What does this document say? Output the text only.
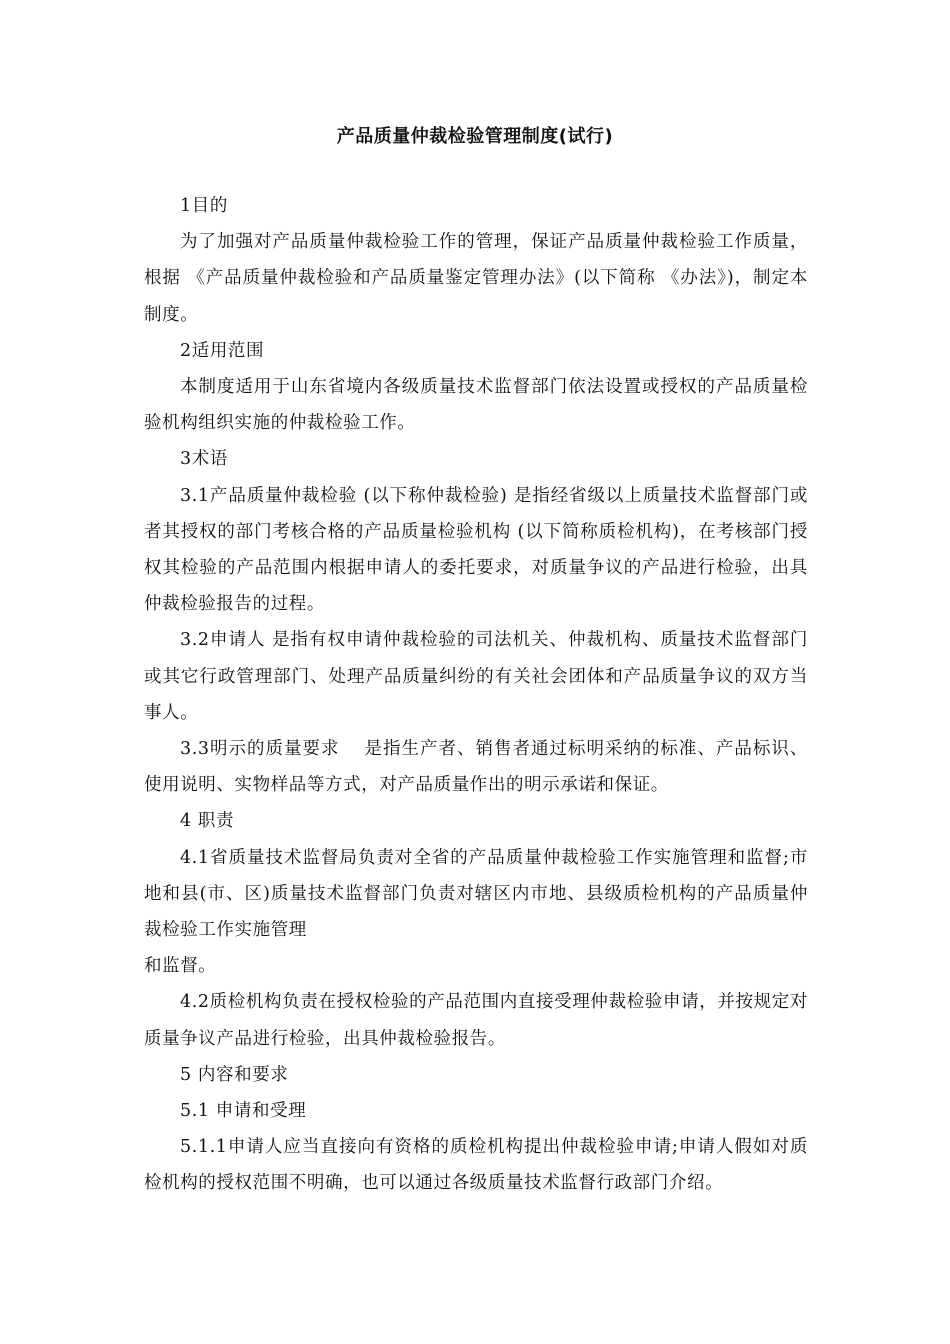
产品质量仲裁检验管理制度(试行)

1目的

为了加强对产品质量仲裁检验工作的管理，保证产品质量仲裁检验工作质量，根据 《产品质量仲裁检验和产品质量鉴定管理办法》(以下简称 《办法》)，制定本制度。

2适用范围

本制度适用于山东省境内各级质量技术监督部门依法设置或授权的产品质量检验机构组织实施的仲裁检验工作。

3术语

3.1产品质量仲裁检验 (以下称仲裁检验) 是指经省级以上质量技术监督部门或者其授权的部门考核合格的产品质量检验机构 (以下简称质检机构)，在考核部门授权其检验的产品范围内根据申请人的委托要求，对质量争议的产品进行检验，出具仲裁检验报告的过程。

3.2申请人 是指有权申请仲裁检验的司法机关、仲裁机构、质量技术监督部门或其它行政管理部门、处理产品质量纠纷的有关社会团体和产品质量争议的双方当事人。

3.3明示的质量要求　 是指生产者、销售者通过标明采纳的标准、产品标识、使用说明、实物样品等方式，对产品质量作出的明示承诺和保证。

4 职责

4.1省质量技术监督局负责对全省的产品质量仲裁检验工作实施管理和监督;市地和县(市、区)质量技术监督部门负责对辖区内市地、县级质检机构的产品质量仲裁检验工作实施管理

和监督。

4.2质检机构负责在授权检验的产品范围内直接受理仲裁检验申请，并按规定对质量争议产品进行检验，出具仲裁检验报告。

5 内容和要求

5.1 申请和受理

5.1.1申请人应当直接向有资格的质检机构提出仲裁检验申请;申请人假如对质检机构的授权范围不明确，也可以通过各级质量技术监督行政部门介绍。
